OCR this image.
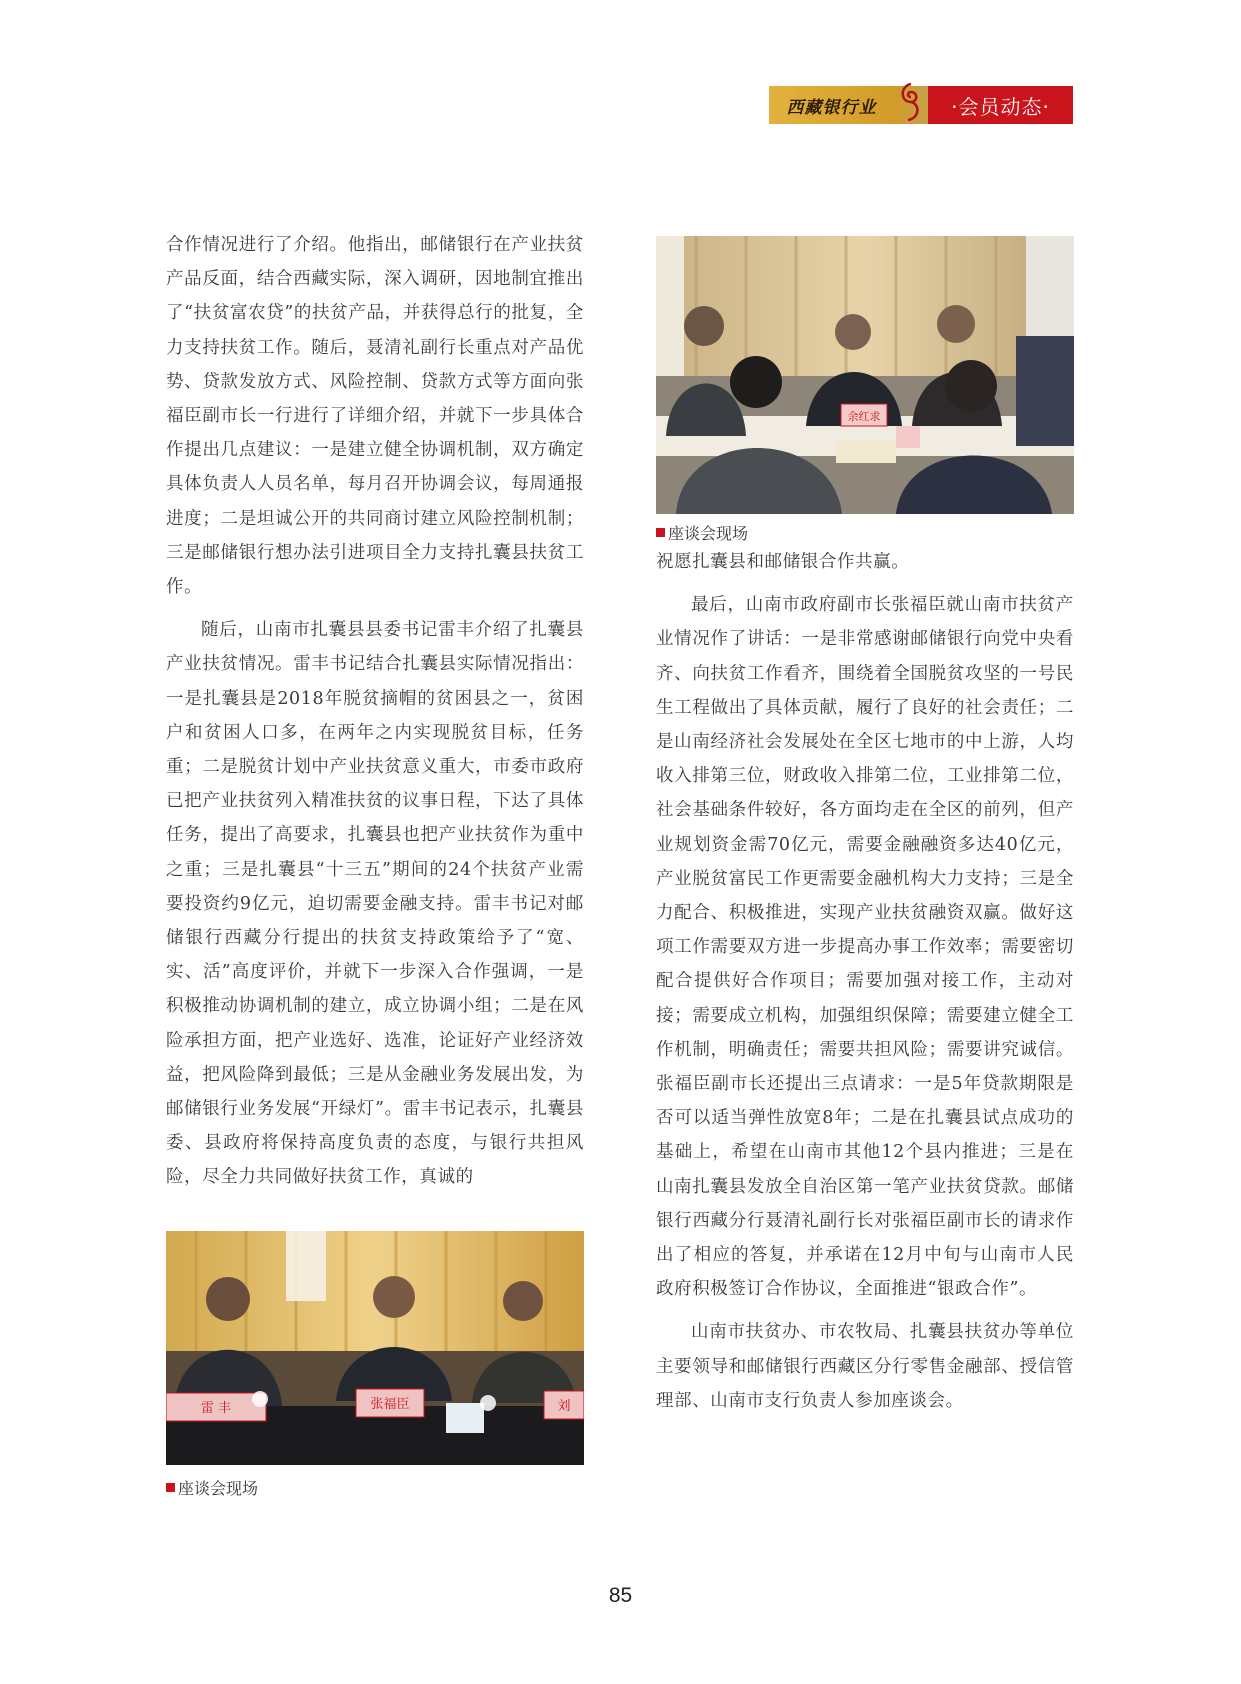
西藏银行业	·会员动态·

合作情况进行了介绍。他指出，邮储银行在产业扶贫产品反面，结合西藏实际，深入调研，因地制宜推出了“扶贫富农贷”的扶贫产品，并获得总行的批复，全力支持扶贫工作。随后，聂清礼副行长重点对产品优势、贷款发放方式、风险控制、贷款方式等方面向张福臣副市长一行进行了详细介绍，并就下一步具体合作提出几点建议：一是建立健全协调机制，双方确定具体负责人人员名单，每月召开协调会议，每周通报进度；二是坦诚公开的共同商讨建立风险控制机制；三是邮储银行想办法引进项目全力支持扎囊县扶贫工作。

随后，山南市扎囊县县委书记雷丰介绍了扎囊县产业扶贫情况。雷丰书记结合扎囊县实际情况指出：一是扎囊县是2018年脱贫摘帽的贫困县之一，贫困户和贫困人口多，在两年之内实现脱贫目标，任务重；二是脱贫计划中产业扶贫意义重大，市委市政府已把产业扶贫列入精准扶贫的议事日程，下达了具体任务，提出了高要求，扎囊县也把产业扶贫作为重中之重；三是扎囊县“十三五”期间的24个扶贫产业需要投资约9亿元，迫切需要金融支持。雷丰书记对邮储银行西藏分行提出的扶贫支持政策给予了“宽、实、活”高度评价，并就下一步深入合作强调，一是积极推动协调机制的建立，成立协调小组；二是在风险承担方面，把产业选好、选准，论证好产业经济效益，把风险降到最低；三是从金融业务发展出发，为邮储银行业务发展“开绿灯”。雷丰书记表示，扎囊县委、县政府将保持高度负责的态度，与银行共担风险，尽全力共同做好扶贫工作，真诚的

余红求
座谈会现场

祝愿扎囊县和邮储银合作共赢。

最后，山南市政府副市长张福臣就山南市扶贫产业情况作了讲话：一是非常感谢邮储银行向党中央看齐、向扶贫工作看齐，围绕着全国脱贫攻坚的一号民生工程做出了具体贡献，履行了良好的社会责任；二是山南经济社会发展处在全区七地市的中上游，人均收入排第三位，财政收入排第二位，工业排第二位，社会基础条件较好，各方面均走在全区的前列，但产业规划资金需70亿元，需要金融融资多达40亿元，产业脱贫富民工作更需要金融机构大力支持；三是全力配合、积极推进，实现产业扶贫融资双赢。做好这项工作需要双方进一步提高办事工作效率；需要密切配合提供好合作项目；需要加强对接工作，主动对接；需要成立机构，加强组织保障；需要建立健全工作机制，明确责任；需要共担风险；需要讲究诚信。张福臣副市长还提出三点请求：一是5年贷款期限是否可以适当弹性放宽8年；二是在扎囊县试点成功的基础上，希望在山南市其他12个县内推进；三是在山南扎囊县发放全自治区第一笔产业扶贫贷款。邮储银行西藏分行聂清礼副行长对张福臣副市长的请求作出了相应的答复，并承诺在12月中旬与山南市人民政府积极签订合作协议，全面推进“银政合作”。

山南市扶贫办、市农牧局、扎囊县扶贫办等单位主要领导和邮储银行西藏区分行零售金融部、授信管理部、山南市支行负责人参加座谈会。

雷 丰	张福臣	刘
座谈会现场
85
